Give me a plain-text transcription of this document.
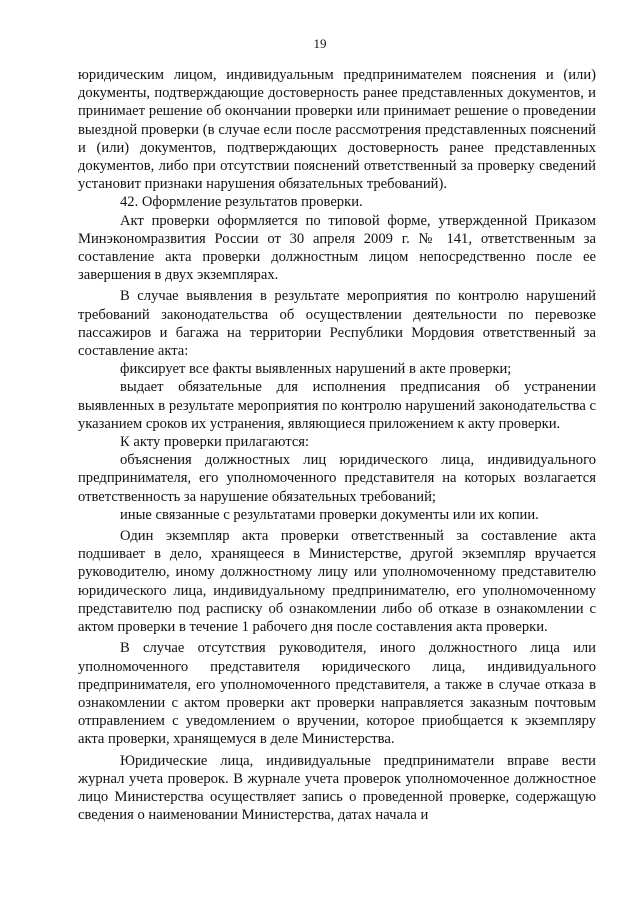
19

юридическим лицом, индивидуальным предпринимателем пояснения и (или) документы, подтверждающие достоверность ранее представленных документов, и принимает решение об окончании проверки или принимает решение о проведении выездной проверки (в случае если после рассмотрения представленных пояснений и (или) документов, подтверждающих достоверность ранее представленных документов, либо при отсутствии пояснений ответственный за проверку сведений установит признаки нарушения обязательных требований).

42. Оформление результатов проверки.

Акт проверки оформляется по типовой форме, утвержденной Приказом Минэкономразвития России от 30 апреля 2009 г. № 141, ответственным за составление акта проверки должностным лицом непосредственно после ее завершения в двух экземплярах.

В случае выявления в результате мероприятия по контролю нарушений требований законодательства об осуществлении деятельности по перевозке пассажиров и багажа на территории Республики Мордовия ответственный за составление акта:

фиксирует все факты выявленных нарушений в акте проверки;

выдает обязательные для исполнения предписания об устранении выявленных в результате мероприятия по контролю нарушений законодательства с указанием сроков их устранения, являющиеся приложением к акту проверки.

К акту проверки прилагаются:

объяснения должностных лиц юридического лица, индивидуального предпринимателя, его уполномоченного представителя на которых возлагается ответственность за нарушение обязательных требований;

иные связанные с результатами проверки документы или их копии.

Один экземпляр акта проверки ответственный за составление акта подшивает в дело, хранящееся в Министерстве, другой экземпляр вручается руководителю, иному должностному лицу или уполномоченному представителю юридического лица, индивидуальному предпринимателю, его уполномоченному представителю под расписку об ознакомлении либо об отказе в ознакомлении с актом проверки в течение 1 рабочего дня после составления акта проверки.

В случае отсутствия руководителя, иного должностного лица или уполномоченного представителя юридического лица, индивидуального предпринимателя, его уполномоченного представителя, а также в случае отказа в ознакомлении с актом проверки акт проверки направляется заказным почтовым отправлением с уведомлением о вручении, которое приобщается к экземпляру акта проверки, хранящемуся в деле Министерства.

Юридические лица, индивидуальные предприниматели вправе вести журнал учета проверок. В журнале учета проверок уполномоченное должностное лицо Министерства осуществляет запись о проведенной проверке, содержащую сведения о наименовании Министерства, датах начала и
